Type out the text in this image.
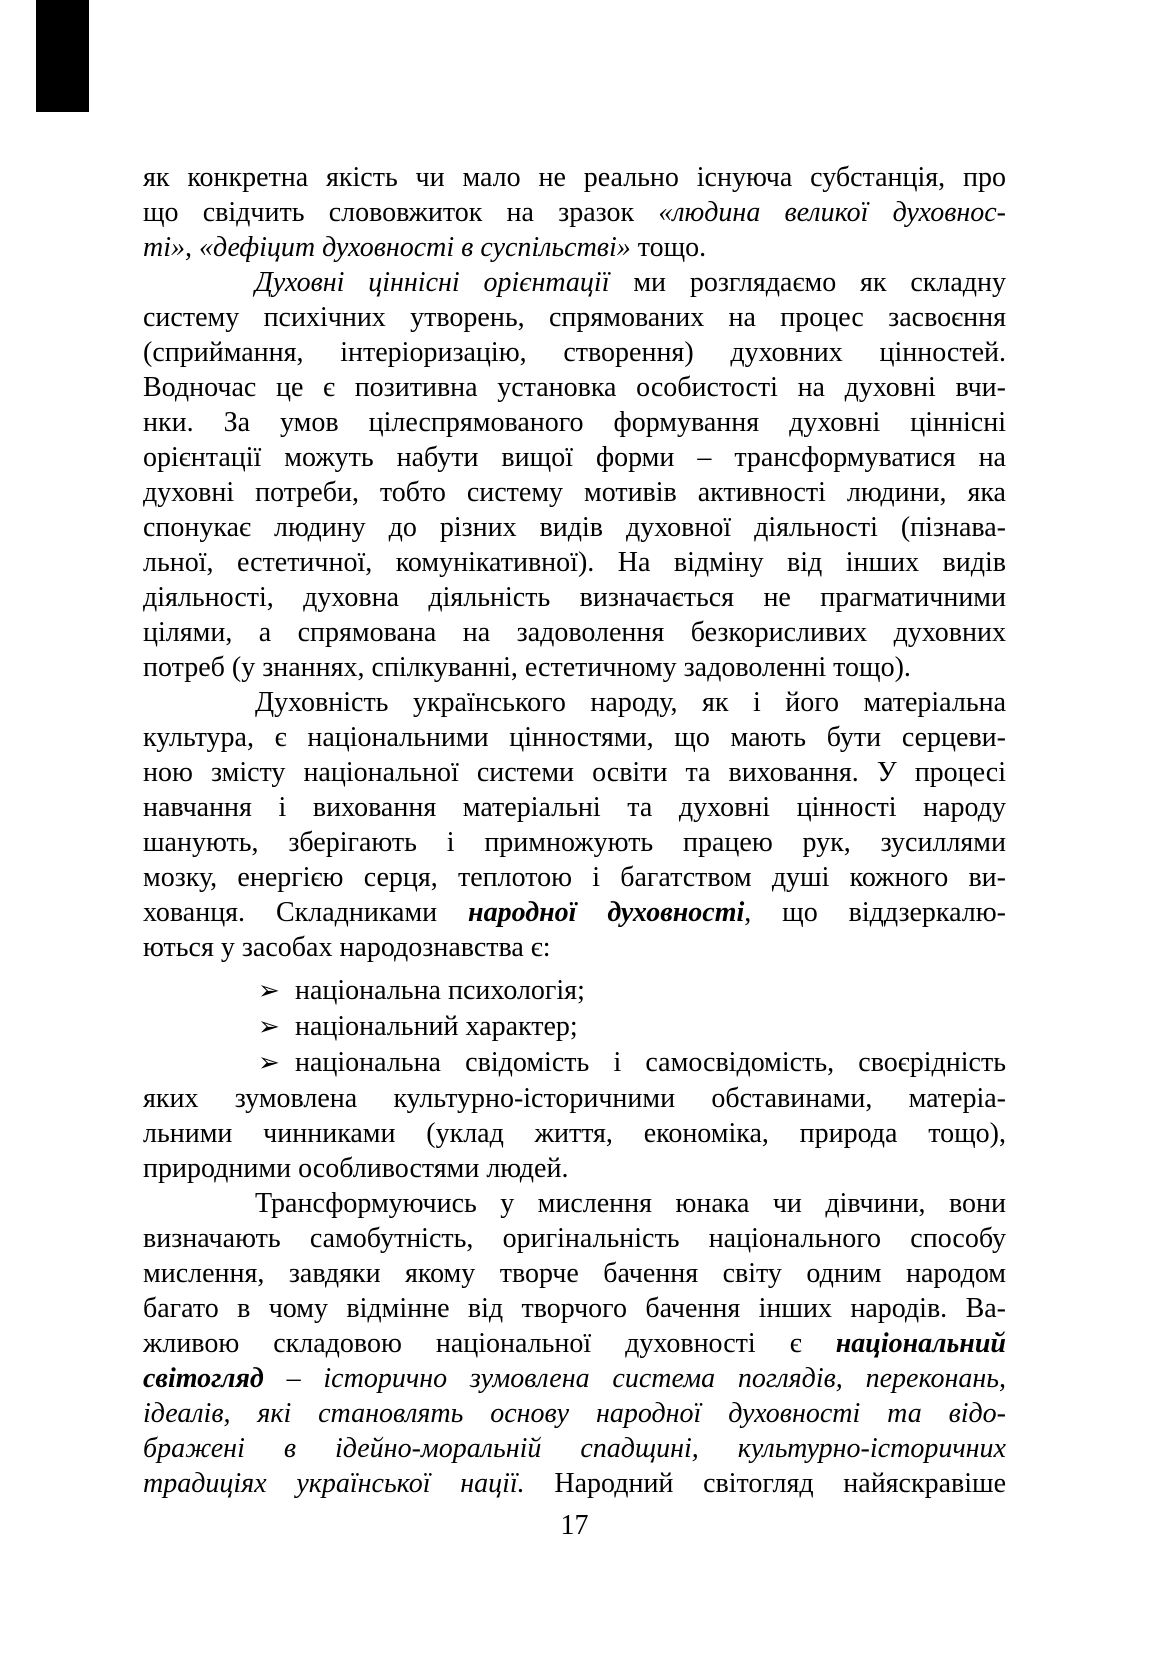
як конкретна якість чи мало не реально існуюча субстанція, про
що свідчить слововжиток на зразок «людина великої духовнос-
ті», «дефіцит духовності в суспільстві» тощо.
Духовні ціннісні орієнтації ми розглядаємо як складну
систему психічних утворень, спрямованих на процес засвоєння
(сприймання, інтеріоризацію, створення) духовних цінностей.
Водночас це є позитивна установка особистості на духовні вчи-
нки. За умов цілеспрямованого формування духовні ціннісні
орієнтації можуть набути вищої форми – трансформуватися на
духовні потреби, тобто систему мотивів активності людини, яка
спонукає людину до різних видів духовної діяльності (пізнава-
льної, естетичної, комунікативної). На відміну від інших видів
діяльності, духовна діяльність визначається не прагматичними
цілями, а спрямована на задоволення безкорисливих духовних
потреб (у знаннях, спілкуванні, естетичному задоволенні тощо).
Духовність українського народу, як і його матеріальна
культура, є національними цінностями, що мають бути серцеви-
ною змісту національної системи освіти та виховання. У процесі
навчання і виховання матеріальні та духовні цінності народу
шанують, зберігають і примножують працею рук, зусиллями
мозку, енергією серця, теплотою і багатством душі кожного ви-
хованця. Складниками народної духовності, що віддзеркалю-
ються у засобах народознавства є:
➢ національна психологія;
➢ національний характер;
➢ національна свідомість і самосвідомість, своєрідність
яких зумовлена культурно-історичними обставинами, матеріа-
льними чинниками (уклад життя, економіка, природа тощо),
природними особливостями людей.
Трансформуючись у мислення юнака чи дівчини, вони
визначають самобутність, оригінальність національного способу
мислення, завдяки якому творче бачення світу одним народом
багато в чому відмінне від творчого бачення інших народів. Ва-
жливою складовою національної духовності є національний
світогляд – історично зумовлена система поглядів, переконань,
ідеалів, які становлять основу народної духовності та відо-
бражені в ідейно-моральній спадщині, культурно-історичних
традиціях української нації. Народний світогляд найяскравіше
17
